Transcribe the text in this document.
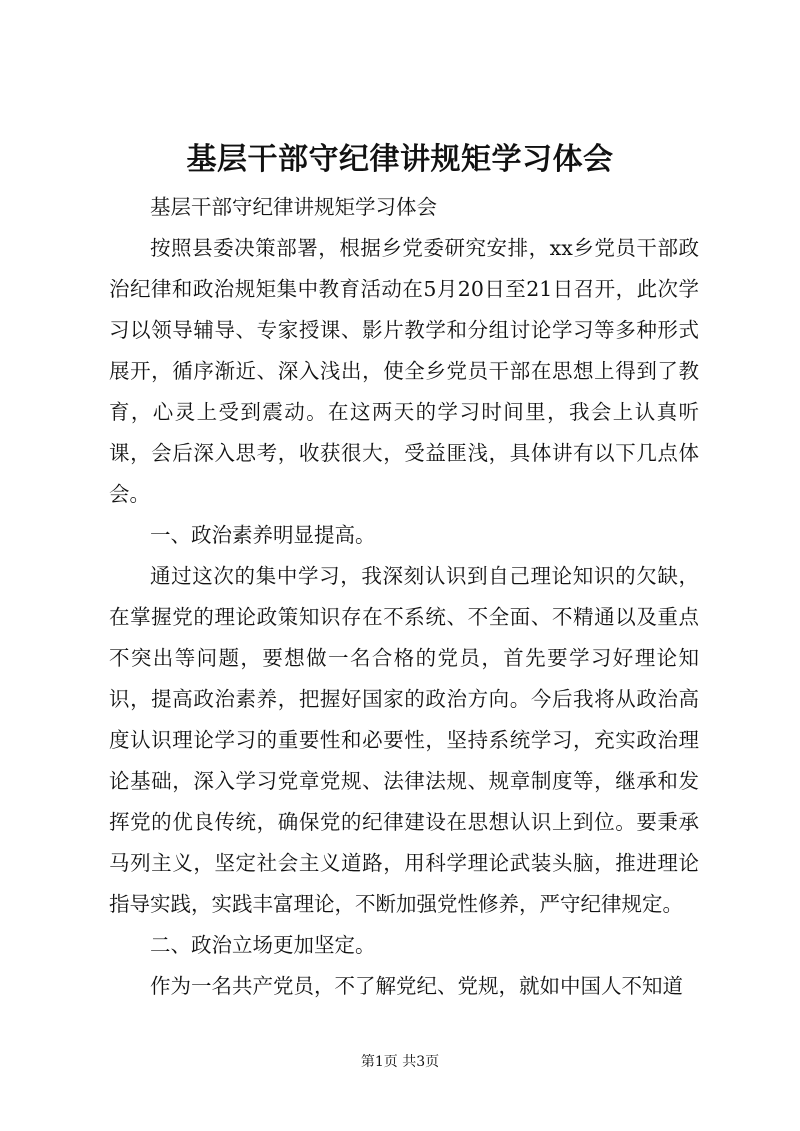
基层干部守纪律讲规矩学习体会

基层干部守纪律讲规矩学习体会

按照县委决策部署，根据乡党委研究安排，xx乡党员干部政治纪律和政治规矩集中教育活动在5月20日至21日召开，此次学习以领导辅导、专家授课、影片教学和分组讨论学习等多种形式展开，循序渐近、深入浅出，使全乡党员干部在思想上得到了教育，心灵上受到震动。在这两天的学习时间里，我会上认真听课，会后深入思考，收获很大，受益匪浅，具体讲有以下几点体会。

一、政治素养明显提高。

通过这次的集中学习，我深刻认识到自己理论知识的欠缺，在掌握党的理论政策知识存在不系统、不全面、不精通以及重点不突出等问题，要想做一名合格的党员，首先要学习好理论知识，提高政治素养，把握好国家的政治方向。今后我将从政治高度认识理论学习的重要性和必要性，坚持系统学习，充实政治理论基础，深入学习党章党规、法律法规、规章制度等，继承和发挥党的优良传统，确保党的纪律建设在思想认识上到位。要秉承马列主义，坚定社会主义道路，用科学理论武装头脑，推进理论指导实践，实践丰富理论，不断加强党性修养，严守纪律规定。

二、政治立场更加坚定。

作为一名共产党员，不了解党纪、党规，就如中国人不知道

第1页 共3页
